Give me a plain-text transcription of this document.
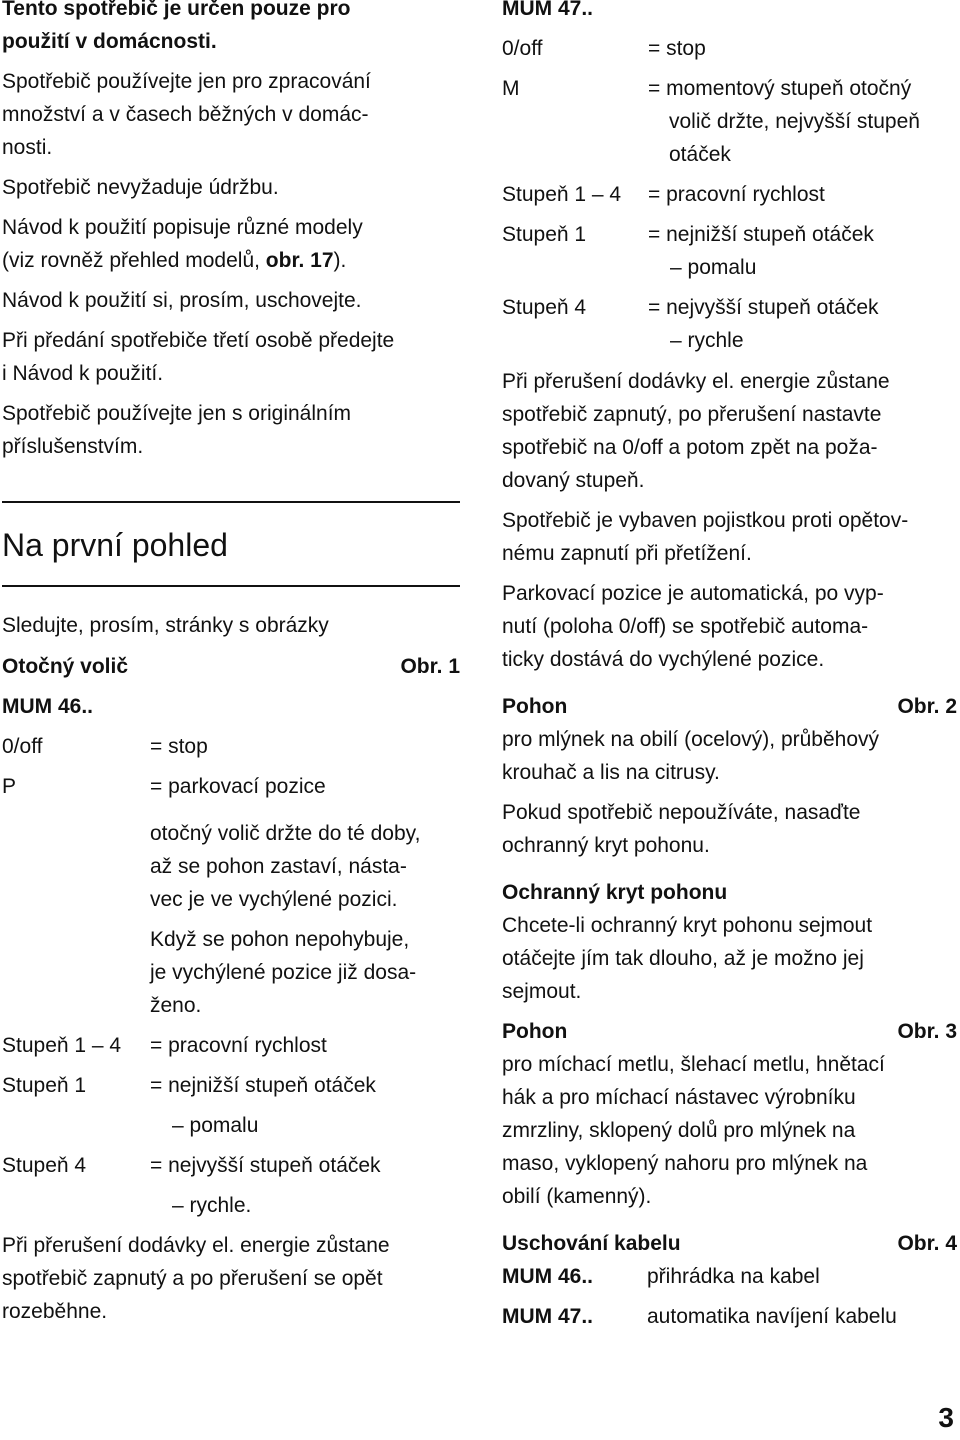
Tento spotřebič je určen pouze pro

použití v domácnosti.

Spotřebič používejte jen pro zpracování

množství a v časech běžných v domác-

nosti.

Spotřebič nevyžaduje údržbu.

Návod k použití popisuje různé modely

(viz rovněž přehled modelů, obr. 17).

Návod k použití si, prosím, uschovejte.

Při předání spotřebiče třetí osobě předejte

i Návod k použití.

Spotřebič používejte jen s originálním

příslušenstvím.

Na první pohled

Sledujte, prosím, stránky s obrázky

Otočný volič	Obr. 1

MUM 46..

0/off	= stop
P	= parkovací pozice

otočný volič držte do té doby,

až se pohon zastaví, násta-

vec je ve vychýlené pozici.

Když se pohon nepohybuje,

je vychýlené pozice již dosa-

ženo.

Stupeň 1 – 4	= pracovní rychlost
Stupeň 1	= nejnižší stupeň otáček

– pomalu

Stupeň 4	= nejvyšší stupeň otáček

– rychle.

Při přerušení dodávky el. energie zůstane

spotřebič zapnutý a po přerušení se opět

rozeběhne.

MUM 47..

0/off	= stop
M	= momentový stupeň otočný

volič držte, nejvyšší stupeň

otáček

Stupeň 1 – 4	= pracovní rychlost
Stupeň 1	= nejnižší stupeň otáček

– pomalu

Stupeň 4	= nejvyšší stupeň otáček

– rychle

Při přerušení dodávky el. energie zůstane

spotřebič zapnutý, po přerušení nastavte

spotřebič na 0/off a potom zpět na poža-

dovaný stupeň.

Spotřebič je vybaven pojistkou proti opětov-

nému zapnutí při přetížení.

Parkovací pozice je automatická, po vyp-

nutí (poloha 0/off) se spotřebič automa-

ticky dostává do vychýlené pozice.

Pohon	Obr. 2

pro mlýnek na obilí (ocelový), průběhový

krouhač a lis na citrusy.

Pokud spotřebič nepoužíváte, nasaďte

ochranný kryt pohonu.

Ochranný kryt pohonu

Chcete-li ochranný kryt pohonu sejmout

otáčejte jím tak dlouho, až je možno jej

sejmout.

Pohon	Obr. 3

pro míchací metlu, šlehací metlu, hnětací

hák a pro míchací nástavec výrobníku

zmrzliny, sklopený dolů pro mlýnek na

maso, vyklopený nahoru pro mlýnek na

obilí (kamenný).

Uschování kabelu	Obr. 4
MUM 46..	přihrádka na kabel
MUM 47..	automatika navíjení kabelu
3
